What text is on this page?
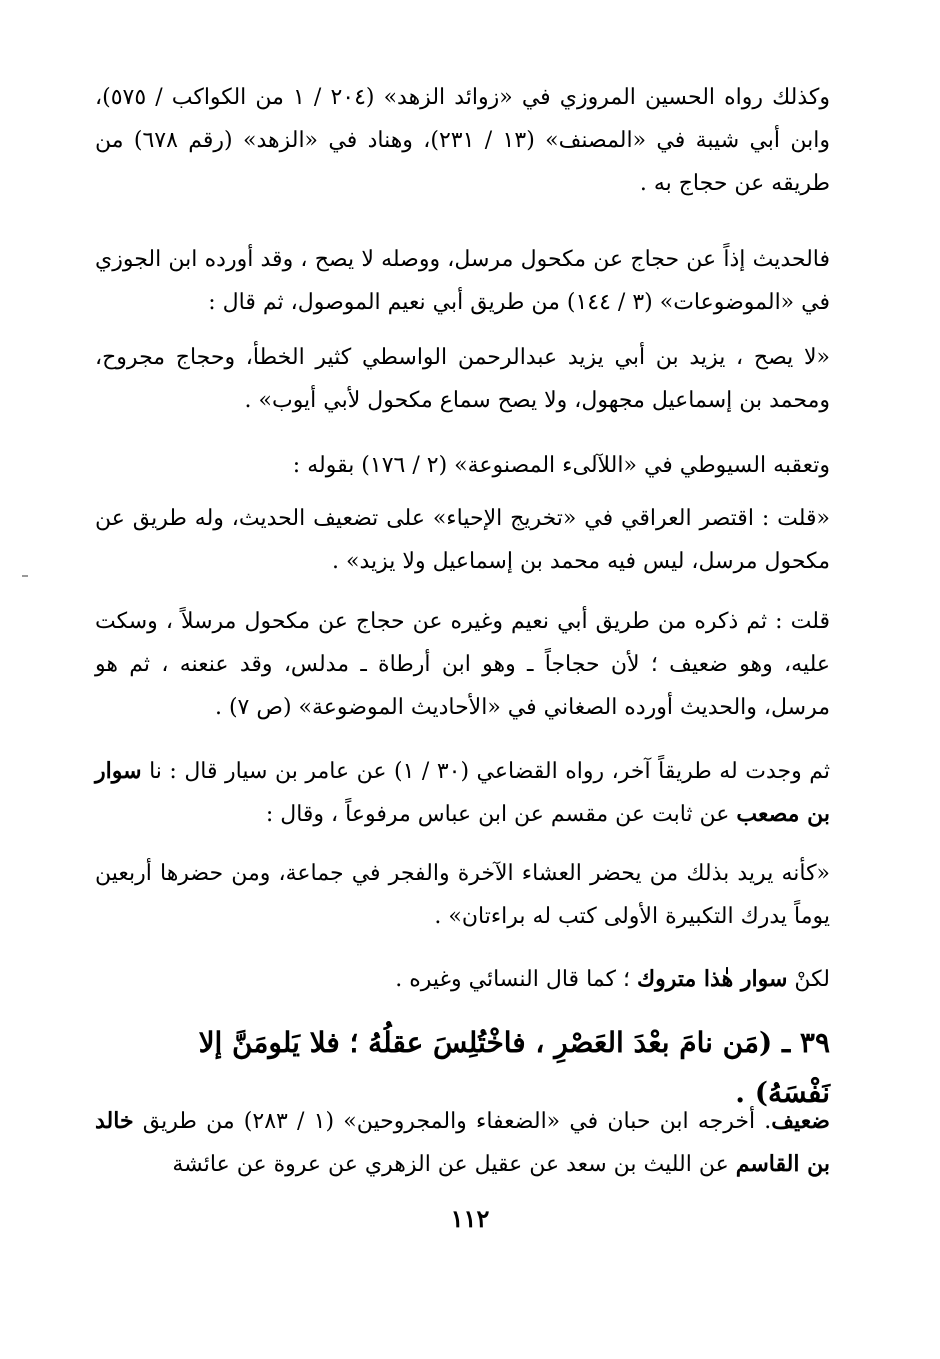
وكذلك رواه الحسين المروزي في «زوائد الزهد» (٢٠٤ / ١ من الكواكب / ٥٧٥)، وابن أبي شيبة في «المصنف» (١٣ / ٢٣١)، وهناد في «الزهد» (رقم ٦٧٨) من طريقه عن حجاج به .

فالحديث إذاً عن حجاج عن مكحول مرسل، ووصله لا يصح ، وقد أورده ابن الجوزي في «الموضوعات» (٣ / ١٤٤) من طريق أبي نعيم الموصول، ثم قال :

«لا يصح ، يزيد بن أبي يزيد عبدالرحمن الواسطي كثير الخطأ، وحجاج مجروح، ومحمد بن إسماعيل مجهول، ولا يصح سماع مكحول لأبي أيوب» .

وتعقبه السيوطي في «اللآلىء المصنوعة» (٢ / ١٧٦) بقوله :

«قلت : اقتصر العراقي في «تخريج الإحياء» على تضعيف الحديث، وله طريق عن مكحول مرسل، ليس فيه محمد بن إسماعيل ولا يزيد» .

قلت : ثم ذكره من طريق أبي نعيم وغيره عن حجاج عن مكحول مرسلاً ، وسكت عليه، وهو ضعيف ؛ لأن حجاجاً ـ وهو ابن أرطاة ـ مدلس، وقد عنعنه ، ثم هو مرسل، والحديث أورده الصغاني في «الأحاديث الموضوعة» (ص ٧) .

ثم وجدت له طريقاً آخر، رواه القضاعي (٣٠ / ١) عن عامر بن سيار قال : نا سوار بن مصعب عن ثابت عن مقسم عن ابن عباس مرفوعاً ، وقال :

«كأنه يريد بذلك من يحضر العشاء الآخرة والفجر في جماعة، ومن حضرها أربعين يوماً يدرك التكبيرة الأولى كتب له براءتان» .

لكنْ سوار هٰذا متروك ؛ كما قال النسائي وغيره .

٣٩ ـ (مَن نامَ بعْدَ العَصْرِ ، فاخْتُلِسَ عقلُهُ ؛ فلا يَلومَنَّ إلا نَفْسَهُ) .

ضعيف. أخرجه ابن حبان في «الضعفاء والمجروحين» (١ / ٢٨٣) من طريق خالد بن القاسم عن الليث بن سعد عن عقيل عن الزهري عن عروة عن عائشة

١١٢
